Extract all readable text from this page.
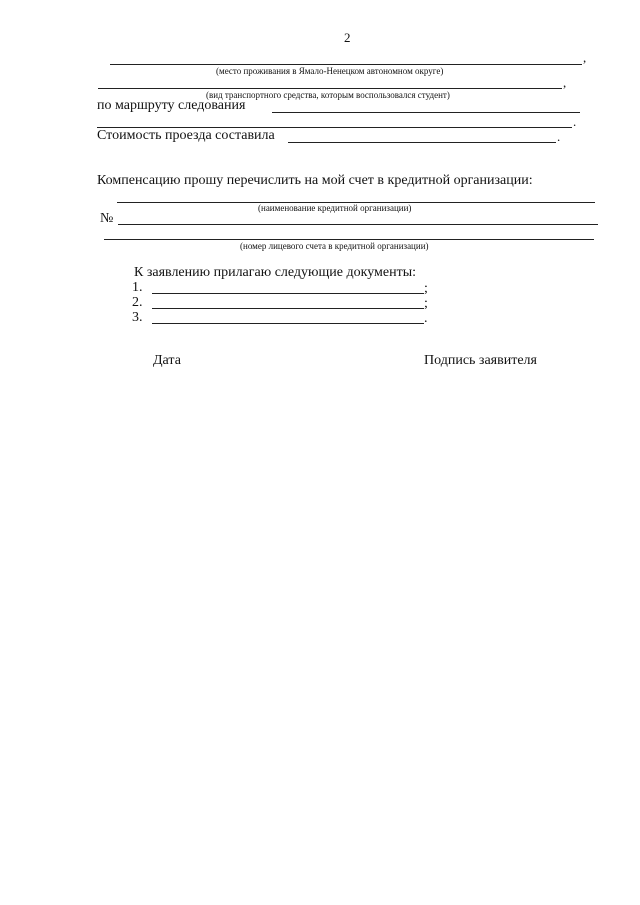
2
,
(место проживания в Ямало-Ненецком автономном округе)
,
(вид транспортного средства, которым воспользовался студент)
по маршруту следования
.
Стоимость проезда составила	.
Компенсацию прошу перечислить на мой счет в кредитной организации:
(наименование кредитной организации)
№
(номер лицевого счета в кредитной организации)
К заявлению прилагаю следующие документы:
1.	;
2.	;
3.	.
Дата	Подпись заявителя
